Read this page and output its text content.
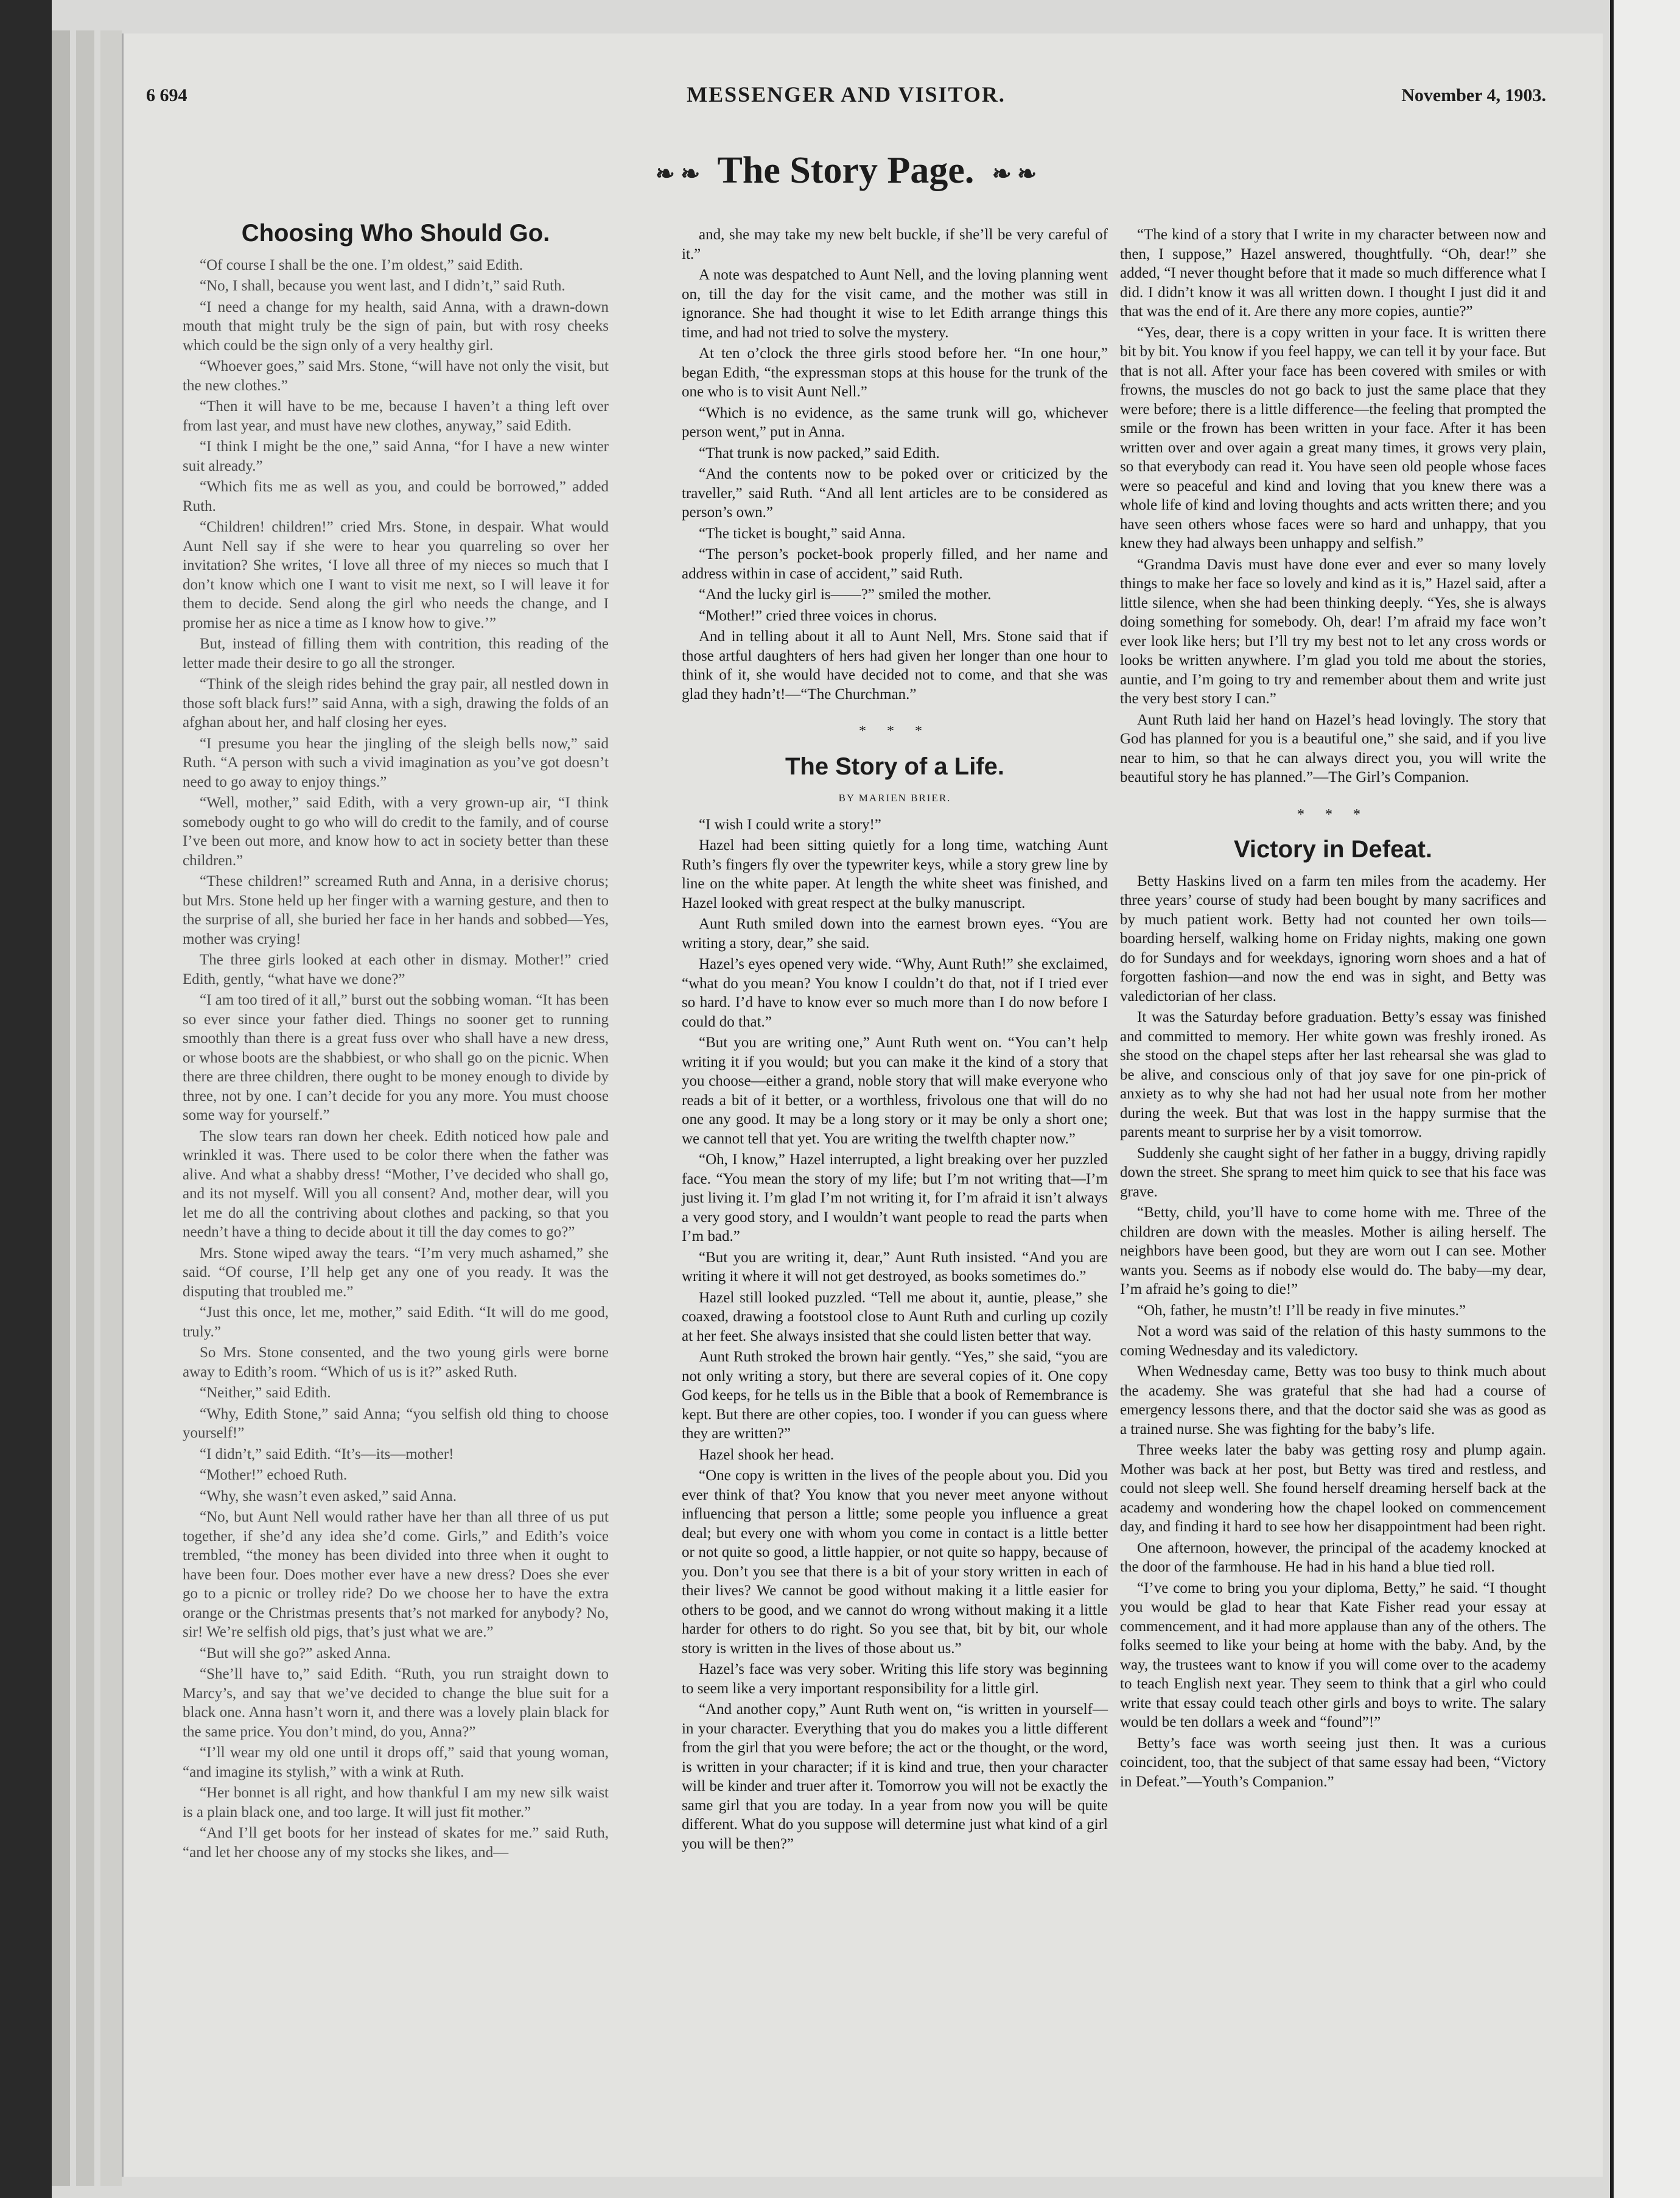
6 694	MESSENGER AND VISITOR.	November 4, 1903.
❧ ❧ The Story Page. ❧ ❧
Choosing Who Should Go.

“Of course I shall be the one. I’m oldest,” said Edith.

“No, I shall, because you went last, and I didn’t,” said Ruth.

“I need a change for my health, said Anna, with a drawn-down mouth that might truly be the sign of pain, but with rosy cheeks which could be the sign only of a very healthy girl.

“Whoever goes,” said Mrs. Stone, “will have not only the visit, but the new clothes.”

“Then it will have to be me, because I haven’t a thing left over from last year, and must have new clothes, anyway,” said Edith.

“I think I might be the one,” said Anna, “for I have a new winter suit already.”

“Which fits me as well as you, and could be borrowed,” added Ruth.

“Children! children!” cried Mrs. Stone, in despair. What would Aunt Nell say if she were to hear you quarreling so over her invitation? She writes, ‘I love all three of my nieces so much that I don’t know which one I want to visit me next, so I will leave it for them to decide. Send along the girl who needs the change, and I promise her as nice a time as I know how to give.’”

But, instead of filling them with contrition, this reading of the letter made their desire to go all the stronger.

“Think of the sleigh rides behind the gray pair, all nestled down in those soft black furs!” said Anna, with a sigh, drawing the folds of an afghan about her, and half closing her eyes.

“I presume you hear the jingling of the sleigh bells now,” said Ruth. “A person with such a vivid imagination as you’ve got doesn’t need to go away to enjoy things.”

“Well, mother,” said Edith, with a very grown-up air, “I think somebody ought to go who will do credit to the family, and of course I’ve been out more, and know how to act in society better than these children.”

“These children!” screamed Ruth and Anna, in a derisive chorus; but Mrs. Stone held up her finger with a warning gesture, and then to the surprise of all, she buried her face in her hands and sobbed—Yes, mother was crying!

The three girls looked at each other in dismay. Mother!” cried Edith, gently, “what have we done?”

“I am too tired of it all,” burst out the sobbing woman. “It has been so ever since your father died. Things no sooner get to running smoothly than there is a great fuss over who shall have a new dress, or whose boots are the shabbiest, or who shall go on the picnic. When there are three children, there ought to be money enough to divide by three, not by one. I can’t decide for you any more. You must choose some way for yourself.”

The slow tears ran down her cheek. Edith noticed how pale and wrinkled it was. There used to be color there when the father was alive. And what a shabby dress! “Mother, I’ve decided who shall go, and its not myself. Will you all consent? And, mother dear, will you let me do all the contriving about clothes and packing, so that you needn’t have a thing to decide about it till the day comes to go?”

Mrs. Stone wiped away the tears. “I’m very much ashamed,” she said. “Of course, I’ll help get any one of you ready. It was the disputing that troubled me.”

“Just this once, let me, mother,” said Edith. “It will do me good, truly.”

So Mrs. Stone consented, and the two young girls were borne away to Edith’s room. “Which of us is it?” asked Ruth.

“Neither,” said Edith.

“Why, Edith Stone,” said Anna; “you selfish old thing to choose yourself!”

“I didn’t,” said Edith. “It’s—its—mother!

“Mother!” echoed Ruth.

“Why, she wasn’t even asked,” said Anna.

“No, but Aunt Nell would rather have her than all three of us put together, if she’d any idea she’d come. Girls,” and Edith’s voice trembled, “the money has been divided into three when it ought to have been four. Does mother ever have a new dress? Does she ever go to a picnic or trolley ride? Do we choose her to have the extra orange or the Christmas presents that’s not marked for anybody? No, sir! We’re selfish old pigs, that’s just what we are.”

“But will she go?” asked Anna.

“She’ll have to,” said Edith. “Ruth, you run straight down to Marcy’s, and say that we’ve decided to change the blue suit for a black one. Anna hasn’t worn it, and there was a lovely plain black for the same price. You don’t mind, do you, Anna?”

“I’ll wear my old one until it drops off,” said that young woman, “and imagine its stylish,” with a wink at Ruth.

“Her bonnet is all right, and how thankful I am my new silk waist is a plain black one, and too large. It will just fit mother.”

“And I’ll get boots for her instead of skates for me.” said Ruth, “and let her choose any of my stocks she likes, and—

and, she may take my new belt buckle, if she’ll be very careful of it.”

A note was despatched to Aunt Nell, and the loving planning went on, till the day for the visit came, and the mother was still in ignorance. She had thought it wise to let Edith arrange things this time, and had not tried to solve the mystery.

At ten o’clock the three girls stood before her. “In one hour,” began Edith, “the expressman stops at this house for the trunk of the one who is to visit Aunt Nell.”

“Which is no evidence, as the same trunk will go, whichever person went,” put in Anna.

“That trunk is now packed,” said Edith.

“And the contents now to be poked over or criticized by the traveller,” said Ruth. “And all lent articles are to be considered as person’s own.”

“The ticket is bought,” said Anna.

“The person’s pocket-book properly filled, and her name and address within in case of accident,” said Ruth.

“And the lucky girl is——?” smiled the mother.

“Mother!” cried three voices in chorus.

And in telling about it all to Aunt Nell, Mrs. Stone said that if those artful daughters of hers had given her longer than one hour to think of it, she would have decided not to come, and that she was glad they hadn’t!—“The Churchman.”

* * *
The Story of a Life.
BY MARIEN BRIER.

“I wish I could write a story!”

Hazel had been sitting quietly for a long time, watching Aunt Ruth’s fingers fly over the typewriter keys, while a story grew line by line on the white paper. At length the white sheet was finished, and Hazel looked with great respect at the bulky manuscript.

Aunt Ruth smiled down into the earnest brown eyes. “You are writing a story, dear,” she said.

Hazel’s eyes opened very wide. “Why, Aunt Ruth!” she exclaimed, “what do you mean? You know I couldn’t do that, not if I tried ever so hard. I’d have to know ever so much more than I do now before I could do that.”

“But you are writing one,” Aunt Ruth went on. “You can’t help writing it if you would; but you can make it the kind of a story that you choose—either a grand, noble story that will make everyone who reads a bit of it better, or a worthless, frivolous one that will do no one any good. It may be a long story or it may be only a short one; we cannot tell that yet. You are writing the twelfth chapter now.”

“Oh, I know,” Hazel interrupted, a light breaking over her puzzled face. “You mean the story of my life; but I’m not writing that—I’m just living it. I’m glad I’m not writing it, for I’m afraid it isn’t always a very good story, and I wouldn’t want people to read the parts when I’m bad.”

“But you are writing it, dear,” Aunt Ruth insisted. “And you are writing it where it will not get destroyed, as books sometimes do.”

Hazel still looked puzzled. “Tell me about it, auntie, please,” she coaxed, drawing a footstool close to Aunt Ruth and curling up cozily at her feet. She always insisted that she could listen better that way.

Aunt Ruth stroked the brown hair gently. “Yes,” she said, “you are not only writing a story, but there are several copies of it. One copy God keeps, for he tells us in the Bible that a book of Remembrance is kept. But there are other copies, too. I wonder if you can guess where they are written?”

Hazel shook her head.

“One copy is written in the lives of the people about you. Did you ever think of that? You know that you never meet anyone without influencing that person a little; some people you influence a great deal; but every one with whom you come in contact is a little better or not quite so good, a little happier, or not quite so happy, because of you. Don’t you see that there is a bit of your story written in each of their lives? We cannot be good without making it a little easier for others to be good, and we cannot do wrong without making it a little harder for others to do right. So you see that, bit by bit, our whole story is written in the lives of those about us.”

Hazel’s face was very sober. Writing this life story was beginning to seem like a very important responsibility for a little girl.

“And another copy,” Aunt Ruth went on, “is written in yourself—in your character. Everything that you do makes you a little different from the girl that you were before; the act or the thought, or the word, is written in your character; if it is kind and true, then your character will be kinder and truer after it. Tomorrow you will not be exactly the same girl that you are today. In a year from now you will be quite different. What do you suppose will determine just what kind of a girl you will be then?”

“The kind of a story that I write in my character between now and then, I suppose,” Hazel answered, thoughtfully. “Oh, dear!” she added, “I never thought before that it made so much difference what I did. I didn’t know it was all written down. I thought I just did it and that was the end of it. Are there any more copies, auntie?”

“Yes, dear, there is a copy written in your face. It is written there bit by bit. You know if you feel happy, we can tell it by your face. But that is not all. After your face has been covered with smiles or with frowns, the muscles do not go back to just the same place that they were before; there is a little difference—the feeling that prompted the smile or the frown has been written in your face. After it has been written over and over again a great many times, it grows very plain, so that everybody can read it. You have seen old people whose faces were so peaceful and kind and loving that you knew there was a whole life of kind and loving thoughts and acts written there; and you have seen others whose faces were so hard and unhappy, that you knew they had always been unhappy and selfish.”

“Grandma Davis must have done ever and ever so many lovely things to make her face so lovely and kind as it is,” Hazel said, after a little silence, when she had been thinking deeply. “Yes, she is always doing something for somebody. Oh, dear! I’m afraid my face won’t ever look like hers; but I’ll try my best not to let any cross words or looks be written anywhere. I’m glad you told me about the stories, auntie, and I’m going to try and remember about them and write just the very best story I can.”

Aunt Ruth laid her hand on Hazel’s head lovingly. The story that God has planned for you is a beautiful one,” she said, and if you live near to him, so that he can always direct you, you will write the beautiful story he has planned.”—The Girl’s Companion.

* * *
Victory in Defeat.

Betty Haskins lived on a farm ten miles from the academy. Her three years’ course of study had been bought by many sacrifices and by much patient work. Betty had not counted her own toils—boarding herself, walking home on Friday nights, making one gown do for Sundays and for weekdays, ignoring worn shoes and a hat of forgotten fashion—and now the end was in sight, and Betty was valedictorian of her class.

It was the Saturday before graduation. Betty’s essay was finished and committed to memory. Her white gown was freshly ironed. As she stood on the chapel steps after her last rehearsal she was glad to be alive, and conscious only of that joy save for one pin-prick of anxiety as to why she had not had her usual note from her mother during the week. But that was lost in the happy surmise that the parents meant to surprise her by a visit tomorrow.

Suddenly she caught sight of her father in a buggy, driving rapidly down the street. She sprang to meet him quick to see that his face was grave.

“Betty, child, you’ll have to come home with me. Three of the children are down with the measles. Mother is ailing herself. The neighbors have been good, but they are worn out I can see. Mother wants you. Seems as if nobody else would do. The baby—my dear, I’m afraid he’s going to die!”

“Oh, father, he mustn’t! I’ll be ready in five minutes.”

Not a word was said of the relation of this hasty summons to the coming Wednesday and its valedictory.

When Wednesday came, Betty was too busy to think much about the academy. She was grateful that she had had a course of emergency lessons there, and that the doctor said she was as good as a trained nurse. She was fighting for the baby’s life.

Three weeks later the baby was getting rosy and plump again. Mother was back at her post, but Betty was tired and restless, and could not sleep well. She found herself dreaming herself back at the academy and wondering how the chapel looked on commencement day, and finding it hard to see how her disappointment had been right.

One afternoon, however, the principal of the academy knocked at the door of the farmhouse. He had in his hand a blue tied roll.

“I’ve come to bring you your diploma, Betty,” he said. “I thought you would be glad to hear that Kate Fisher read your essay at commencement, and it had more applause than any of the others. The folks seemed to like your being at home with the baby. And, by the way, the trustees want to know if you will come over to the academy to teach English next year. They seem to think that a girl who could write that essay could teach other girls and boys to write. The salary would be ten dollars a week and “found”!”

Betty’s face was worth seeing just then. It was a curious coincident, too, that the subject of that same essay had been, “Victory in Defeat.”—Youth’s Companion.”
